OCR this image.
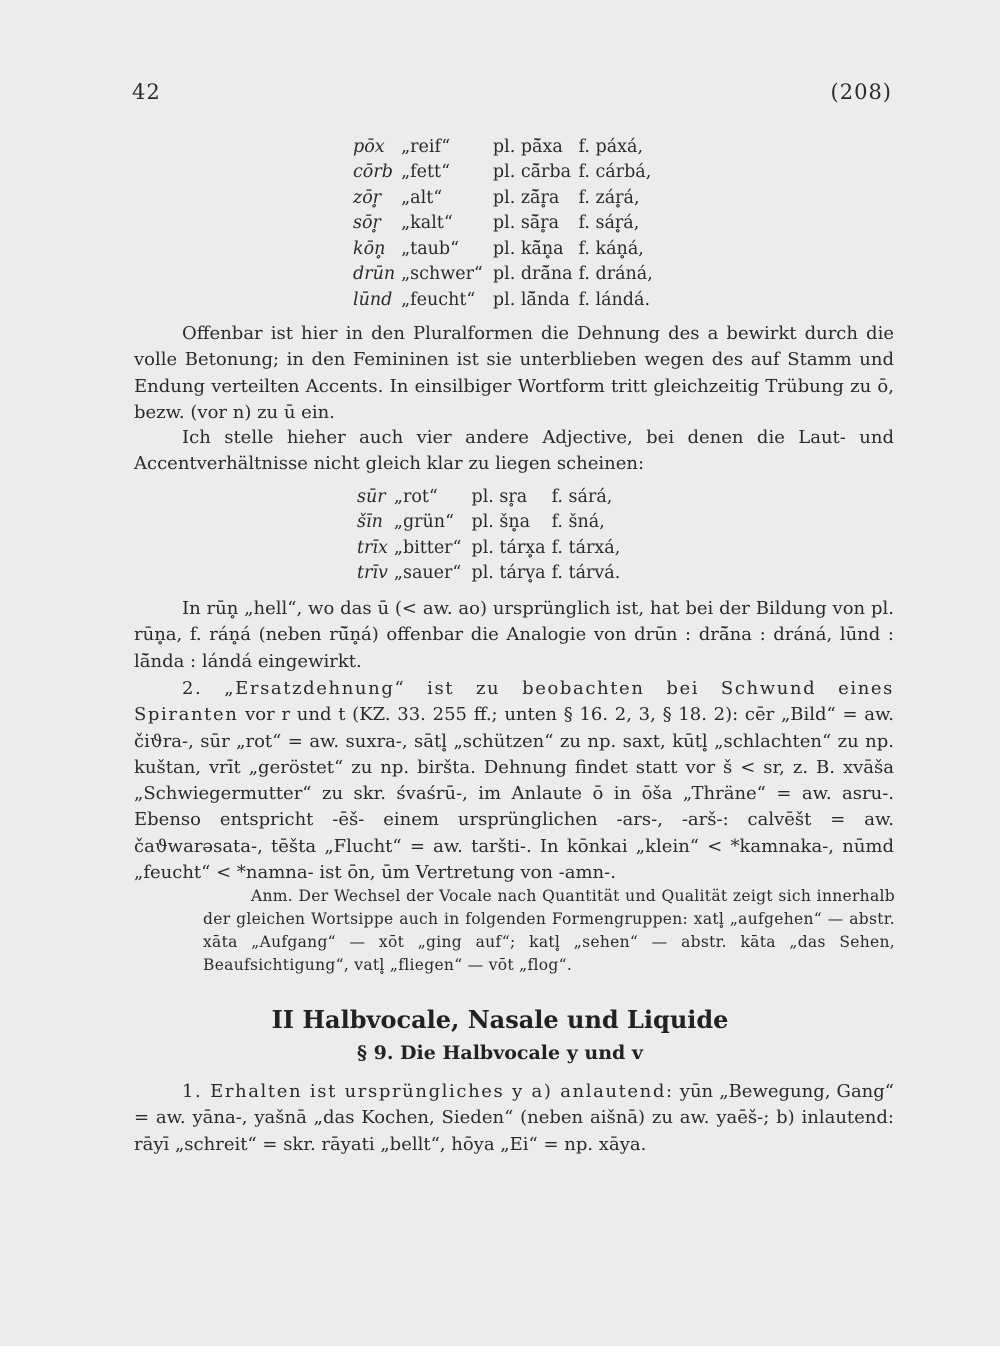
42	(208)
pōx	„reif“	pl. pā̆xa	f. páxá,
cōrb	„fett“	pl. cā̆rba	f. cárbá,
zōr̥	„alt“	pl. zā̆r̥a	f. zár̥á,
sōr̥	„kalt“	pl. sā̆r̥a	f. sár̥á,
kōn̥	„taub“	pl. kā̆n̥a	f. kán̥á,
drūn	„schwer“	pl. drā̆na	f. dráná,
lūnd	„feucht“	pl. lā̆nda	f. lándá.
Offenbar ist hier in den Pluralformen die Dehnung des a bewirkt durch die volle Betonung; in den Femininen ist sie unterblieben wegen des auf Stamm und Endung verteilten Accents. In einsilbiger Wortform tritt gleichzeitig Trübung zu ō, bezw. (vor n) zu ū ein.
Ich stelle hieher auch vier andere Adjective, bei denen die Laut- und Accentverhältnisse nicht gleich klar zu liegen scheinen:
sūr	„rot“	pl. sr̥a	f. sárá,
šīn	„grün“	pl. šn̥a	f. šná,
trīx	„bitter“	pl. tárx̥a	f. tárxá,
trīv	„sauer“	pl. tárv̥a	f. tárvá.
In rūn̥ „hell“, wo das ū (< aw. ao) ursprünglich ist, hat bei der Bildung von pl. rūn̥a, f. rán̥á (neben rū̆n̥á) offenbar die Analogie von drūn : drā̆na : dráná, lūnd : lā̆nda : lándá eingewirkt.
2. „Ersatzdehnung“ ist zu beobachten bei Schwund eines Spiranten vor r und t (KZ. 33. 255 ff.; unten § 16. 2, 3, § 18. 2): cēr „Bild“ = aw. čiϑra-, sūr „rot“ = aw. suxra-, sātl̥ „schützen“ zu np. saxt, kūtl̥ „schlachten“ zu np. kuštan, vrīt „geröstet“ zu np. biršta. Dehnung findet statt vor š < sr, z. B. xvāša „Schwiegermutter“ zu skr. śvaśrū-, im Anlaute ō in ōša „Thräne“ = aw. asru-. Ebenso entspricht -ēš- einem ursprünglichen -ars-, -arš-: calvēšt = aw. čaϑwarəsata-, tēšta „Flucht“ = aw. taršti-. In kōnkai „klein“ < *kamnaka-, nūmd „feucht“ < *namna- ist ōn, ūm Vertretung von -amn-.
Anm. Der Wechsel der Vocale nach Quantität und Qualität zeigt sich innerhalb der gleichen Wortsippe auch in folgenden Formengruppen: xatl̥ „aufgehen“ — abstr. xāta „Aufgang“ — xōt „ging auf“; katl̥ „sehen“ — abstr. kāta „das Sehen, Beaufsichtigung“, vatl̥ „fliegen“ — vōt „flog“.
II Halbvocale, Nasale und Liquide
§ 9. Die Halbvocale y und v
1. Erhalten ist ursprüngliches y a) anlautend: yūn „Bewegung, Gang“ = aw. yāna-, yašnā „das Kochen, Sieden“ (neben aišnā) zu aw. yaēš-; b) inlautend: rāyī „schreit“ = skr. rāyati „bellt“, hōya „Ei“ = np. xāya.
